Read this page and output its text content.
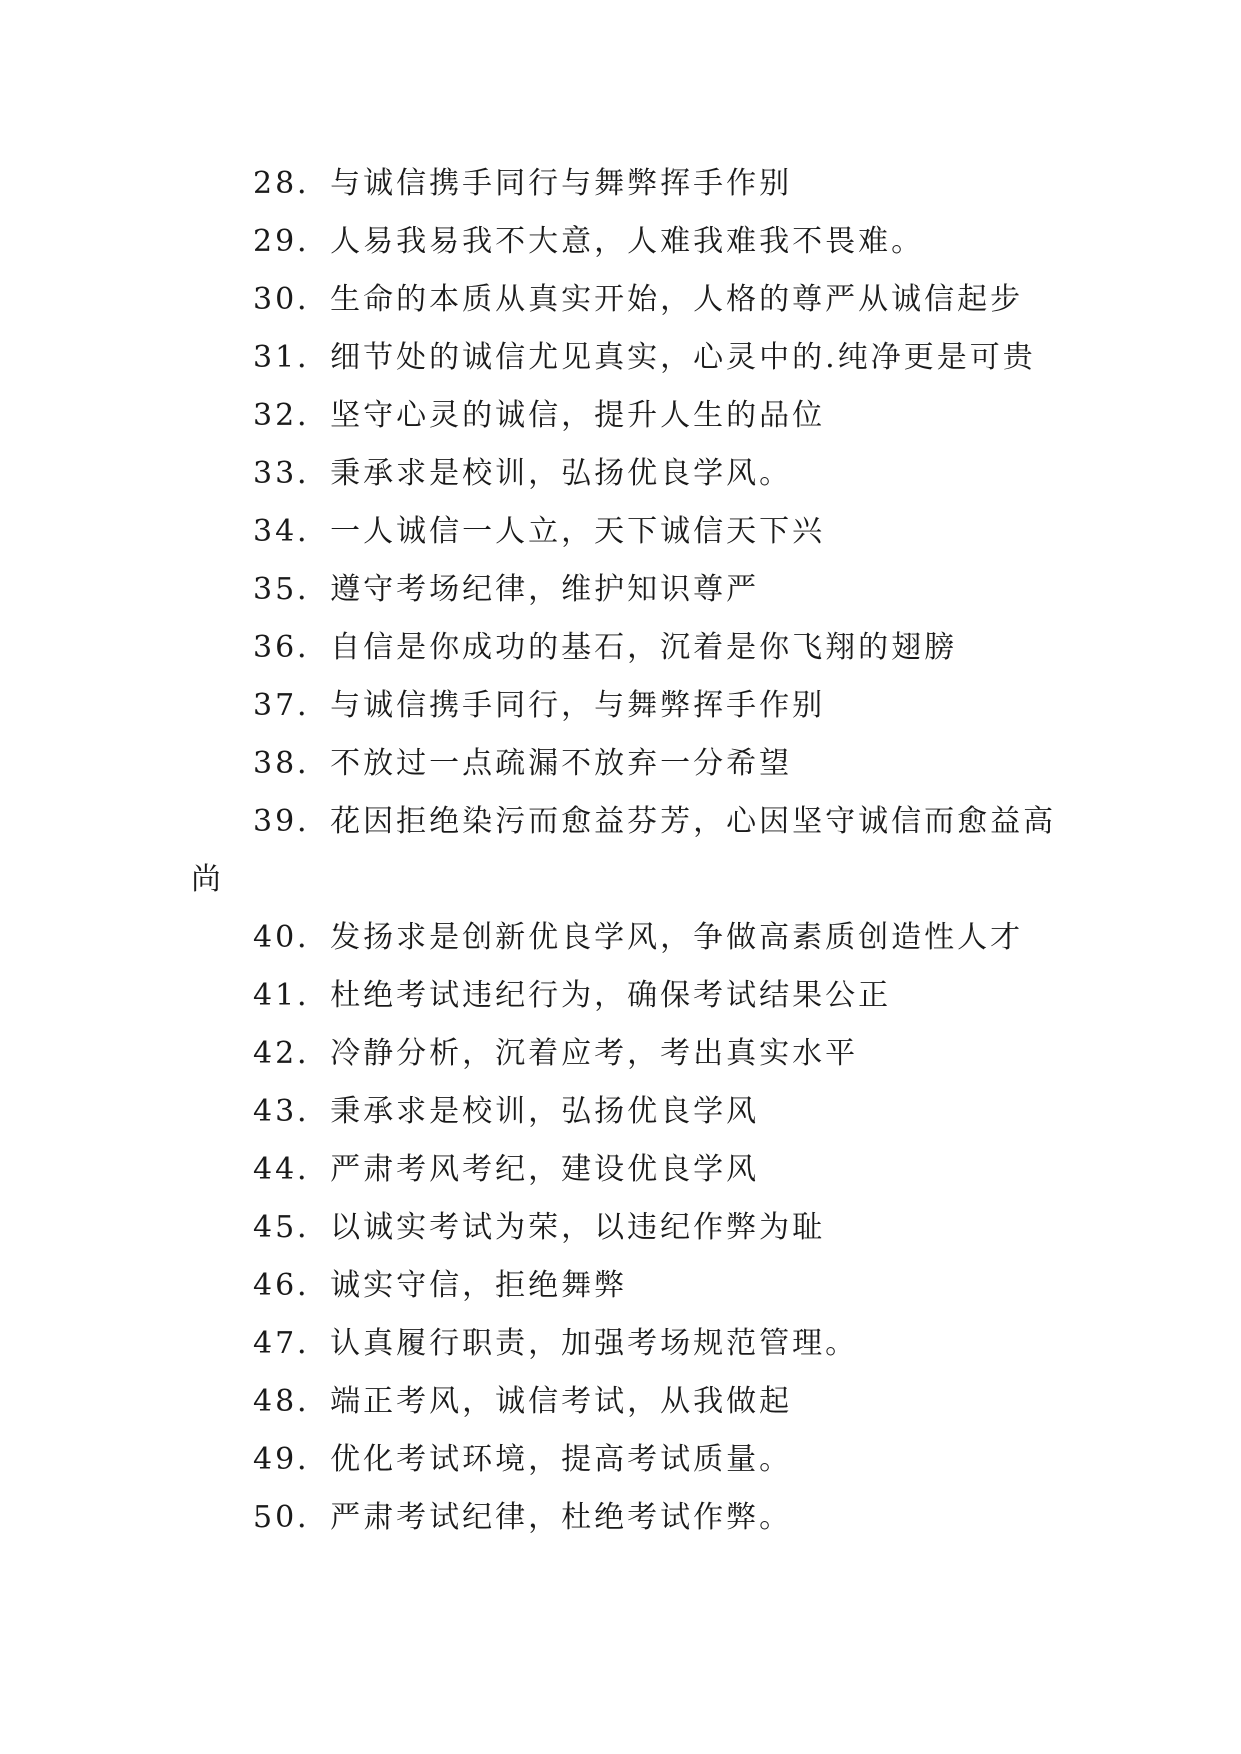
28．与诚信携手同行与舞弊挥手作别
29．人易我易我不大意，人难我难我不畏难。
30．生命的本质从真实开始，人格的尊严从诚信起步
31．细节处的诚信尤见真实，心灵中的.纯净更是可贵
32．坚守心灵的诚信，提升人生的品位
33．秉承求是校训，弘扬优良学风。
34．一人诚信一人立，天下诚信天下兴
35．遵守考场纪律，维护知识尊严
36．自信是你成功的基石，沉着是你飞翔的翅膀
37．与诚信携手同行，与舞弊挥手作别
38．不放过一点疏漏不放弃一分希望
39．花因拒绝染污而愈益芬芳，心因坚守诚信而愈益高
尚
40．发扬求是创新优良学风，争做高素质创造性人才
41．杜绝考试违纪行为，确保考试结果公正
42．冷静分析，沉着应考，考出真实水平
43．秉承求是校训，弘扬优良学风
44．严肃考风考纪，建设优良学风
45．以诚实考试为荣，以违纪作弊为耻
46．诚实守信，拒绝舞弊
47．认真履行职责，加强考场规范管理。
48．端正考风，诚信考试，从我做起
49．优化考试环境，提高考试质量。
50．严肃考试纪律，杜绝考试作弊。
